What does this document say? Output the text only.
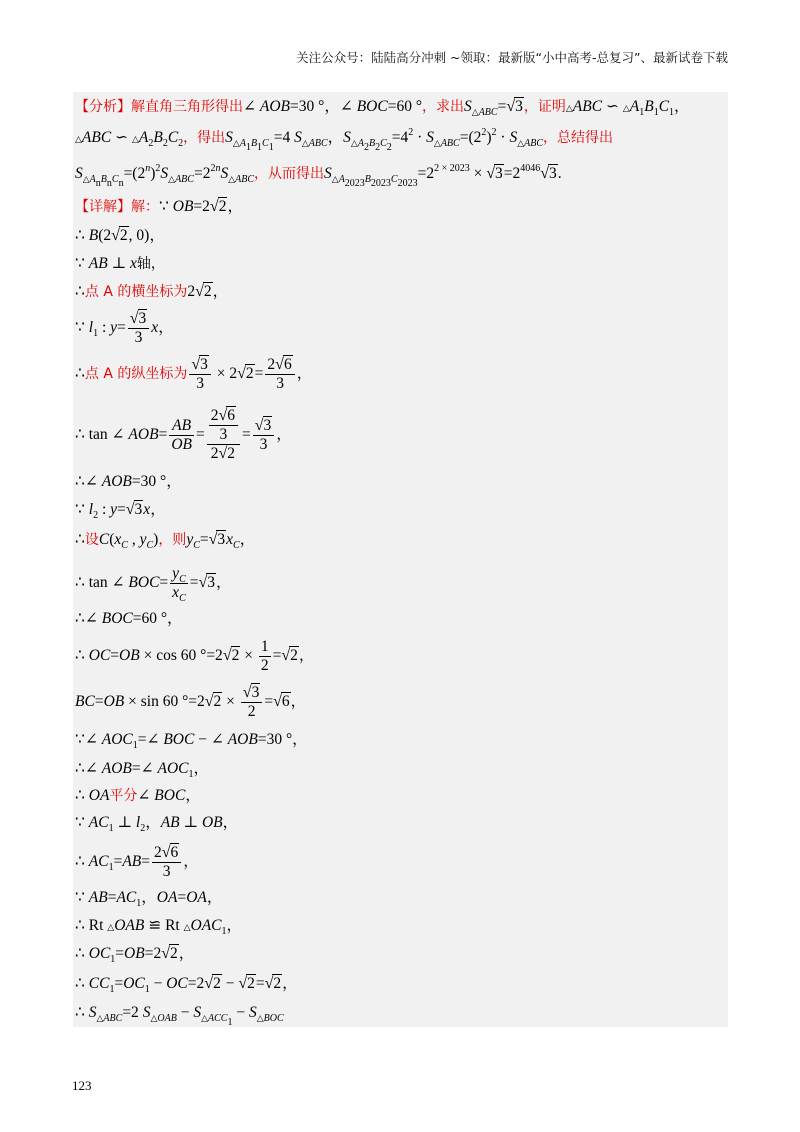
关注公众号：陆陆高分冲刺 ~领取：最新版“小中高考-总复习”、最新试卷下载
【分析】解直角三角形得出∠ AOB=30 °，∠ BOC=60 °，求出$S_{\triangle ABC}=√3$，证明△ABC ∽ $\triangle A_1B_1C_1$，
△ABC ∽ $\triangle A_2B_2C_2$，得出$S_{\triangle A_1B_1C_1}=4$ $S_{\triangle ABC}$，$S_{\triangle A_2B_2C_2}=4^2 \cdot S_{\triangle ABC}=(2^2)^2 \cdot S_{\triangle ABC}$，总结得出
$S_{\triangle A_nB_nC_n}=(2^n)^2S_{\triangle ABC}=2^{2n}S_{\triangle ABC}$，从而得出$S_{\triangle A_{2023}B_{2023}C_{2023}}=2^{2 \times 2023} \times √3=2^{4046}√3$.
【详解】解：∵ OB=2√2，
∴ B(2√2, 0)，
∵ AB ⊥ x轴，
∴点 A 的横坐标为2√2，
∵ $l_1$ : $y= \frac{√3}{3}$ x，
∴点 A 的纵坐标为 $\frac{√3}{3} \times 2√2= \frac{2√6}{3}$ ，
∴ tan ∠ $AOB= \frac{AB}{OB} = \frac{\frac{2√6}{3}}{2√2} = \frac{√3}{3}$ ，
∴∠ AOB=30 °，
∵ $l_2$ : y=√3x，
∴设$C(x_C$ , $y_C$)，则$y_C=√3x_C$，
∴ tan ∠ $BOC= \frac{y_C}{x_C} =√3$，
∴∠ BOC=60 °，
∴ OC=OB × cos 60 $^\circ=2√2 \times \frac{1}{2} =√2$，
BC=OB × sin 60 $^\circ=2√2 \times \frac{√3}{2} =√6$，
∵∠ $AOC_1=\angle$ BOC − ∠ AOB=30 °，
∴∠ AOB=∠ $AOC_1$，
∴ OA平分∠ BOC，
∵ $AC_1$ ⊥ $l_2$，AB ⊥ OB，
∴ $AC_1=AB= \frac{2√6}{3}$ ，
∵ $AB=AC_1$，OA=OA，
∴ Rt △OAB ≌ Rt $\triangle OAC_1$，
∴ $OC_1=OB=2√2$，
∴ $CC_1=OC_1 - OC=2√2 - √2=√2$，
∴ $S_{\triangle ABC}=2$ $S_{\triangle OAB} - S_{\triangle ACC_1} - S_{\triangle BOC}$
123
